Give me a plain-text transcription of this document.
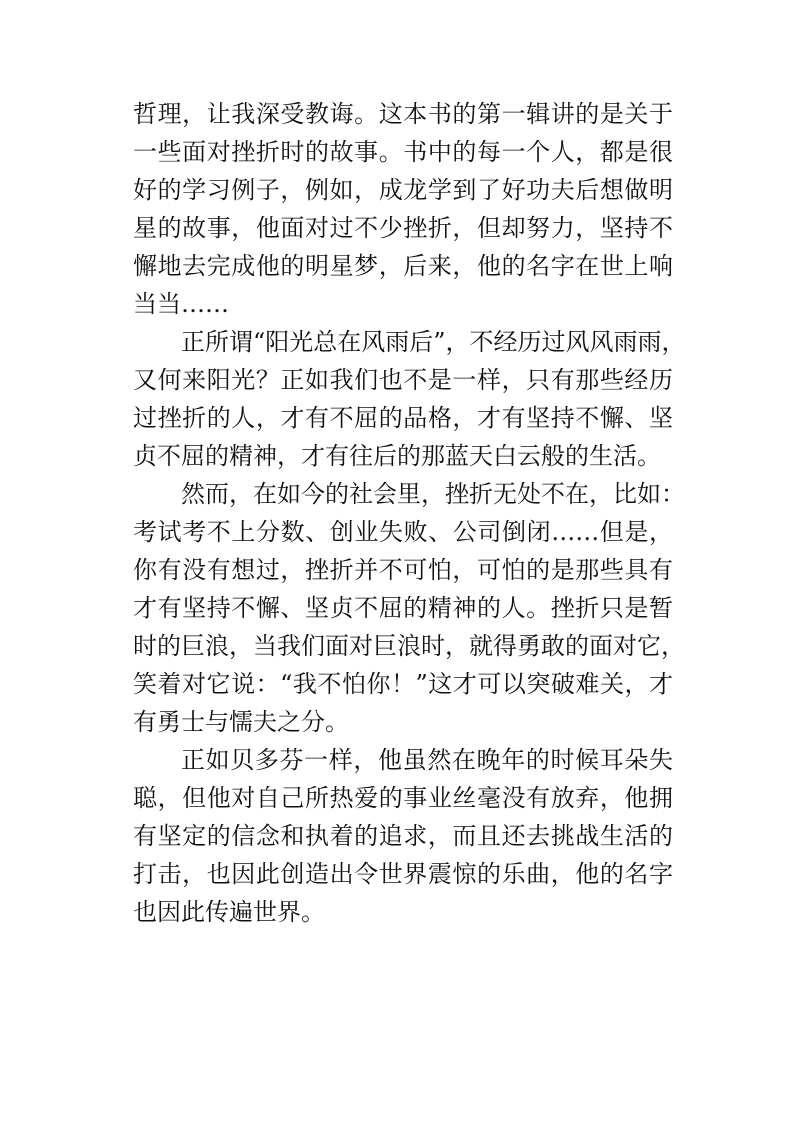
哲理，让我深受教诲。这本书的第一辑讲的是关于

一些面对挫折时的故事。书中的每一个人，都是很

好的学习例子，例如，成龙学到了好功夫后想做明

星的故事，他面对过不少挫折，但却努力，坚持不

懈地去完成他的明星梦，后来，他的名字在世上响

当当……

正所谓“阳光总在风雨后”，不经历过风风雨雨，

又何来阳光？正如我们也不是一样，只有那些经历

过挫折的人，才有不屈的品格，才有坚持不懈、坚

贞不屈的精神，才有往后的那蓝天白云般的生活。

然而，在如今的社会里，挫折无处不在，比如：

考试考不上分数、创业失败、公司倒闭……但是，

你有没有想过，挫折并不可怕，可怕的是那些具有

才有坚持不懈、坚贞不屈的精神的人。挫折只是暂

时的巨浪，当我们面对巨浪时，就得勇敢的面对它，

笑着对它说：“我不怕你！”这才可以突破难关，才

有勇士与懦夫之分。

正如贝多芬一样，他虽然在晚年的时候耳朵失

聪，但他对自己所热爱的事业丝毫没有放弃，他拥

有坚定的信念和执着的追求，而且还去挑战生活的

打击，也因此创造出令世界震惊的乐曲，他的名字

也因此传遍世界。
